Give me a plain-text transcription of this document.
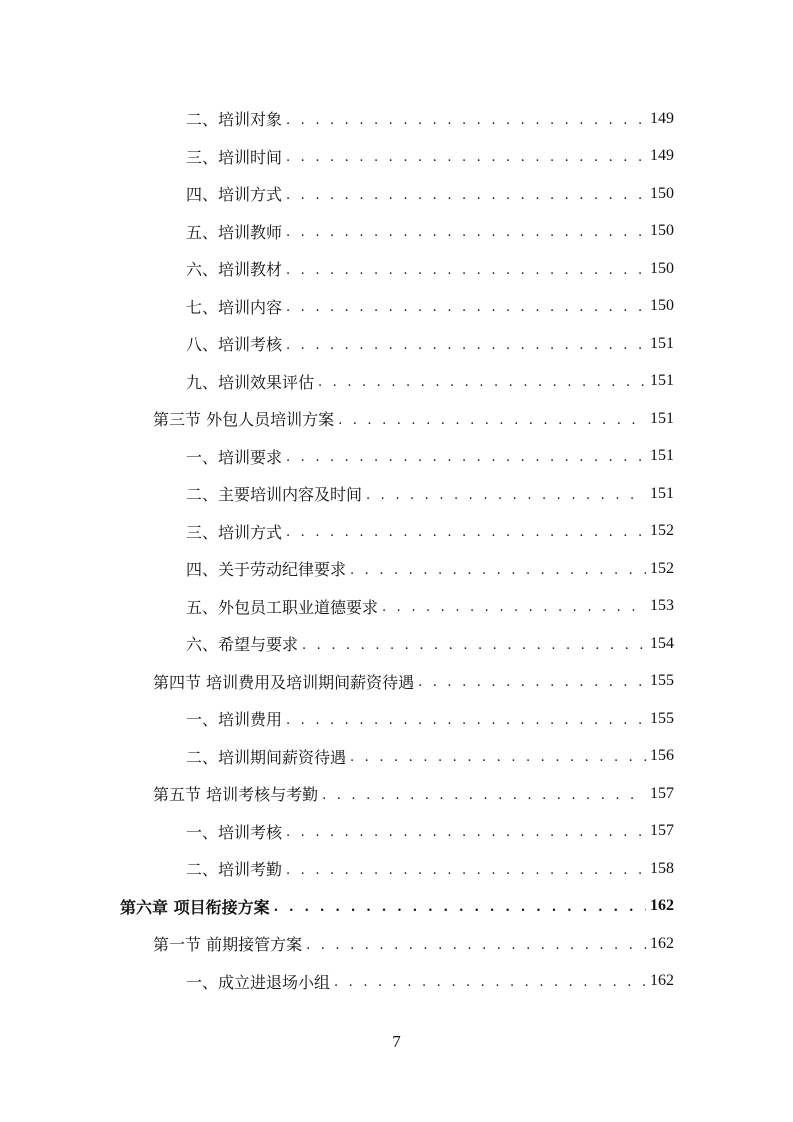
二、培训对象 . . .	149
三、培训时间 . . .	149
四、培训方式 . . .	150
五、培训教师 . . .	150
六、培训教材 . . .	150
七、培训内容 . . .	150
八、培训考核 . . .	151
九、培训效果评估 . . .	151
第三节 外包人员培训方案 . . .	151
一、培训要求 . . .	151
二、主要培训内容及时间 . . .	151
三、培训方式 . . .	152
四、关于劳动纪律要求 . . .	152
五、外包员工职业道德要求 . . .	153
六、希望与要求 . . .	154
第四节 培训费用及培训期间薪资待遇 . . .	155
一、培训费用 . . .	155
二、培训期间薪资待遇 . . .	156
第五节 培训考核与考勤 . . .	157
一、培训考核 . . .	157
二、培训考勤 . . .	158
第六章 项目衔接方案 . . .	162
第一节 前期接管方案 . . .	162
一、成立进退场小组 . . .	162
7
